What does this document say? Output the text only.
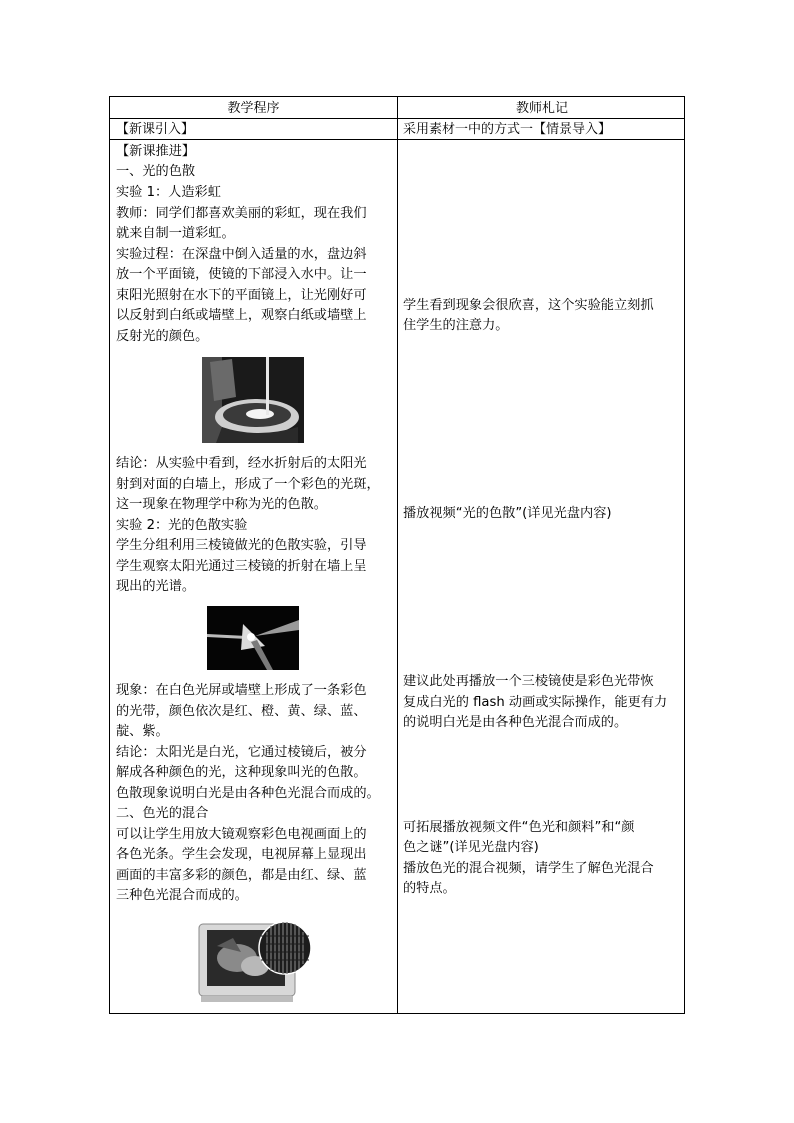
教学程序	教师札记
【新课引入】	采用素材一中的方式一【情景导入】
【新课推进】
一、光的色散
实验 1：人造彩虹
教师：同学们都喜欢美丽的彩虹，现在我们
就来自制一道彩虹。
实验过程：在深盘中倒入适量的水，盘边斜
放一个平面镜，使镜的下部浸入水中。让一
束阳光照射在水下的平面镜上，让光刚好可
以反射到白纸或墙壁上，观察白纸或墙壁上
反射光的颜色。
结论：从实验中看到，经水折射后的太阳光
射到对面的白墙上，形成了一个彩色的光斑，
这一现象在物理学中称为光的色散。
实验 2：光的色散实验
学生分组利用三棱镜做光的色散实验，引导
学生观察太阳光通过三棱镜的折射在墙上呈
现出的光谱。
现象：在白色光屏或墙壁上形成了一条彩色
的光带，颜色依次是红、橙、黄、绿、蓝、
靛、紫。
结论：太阳光是白光，它通过棱镜后，被分
解成各种颜色的光，这种现象叫光的色散。
色散现象说明白光是由各种色光混合而成的。
二、色光的混合
可以让学生用放大镜观察彩色电视画面上的
各色光条。学生会发现，电视屏幕上显现出
画面的丰富多彩的颜色，都是由红、绿、蓝
三种色光混合而成的。
学生看到现象会很欣喜，这个实验能立刻抓
住学生的注意力。
播放视频“光的色散”(详见光盘内容)
建议此处再播放一个三棱镜使是彩色光带恢
复成白光的 flash 动画或实际操作，能更有力
的说明白光是由各种色光混合而成的。
可拓展播放视频文件“色光和颜料”和“颜
色之谜”(详见光盘内容)
播放色光的混合视频，请学生了解色光混合
的特点。
